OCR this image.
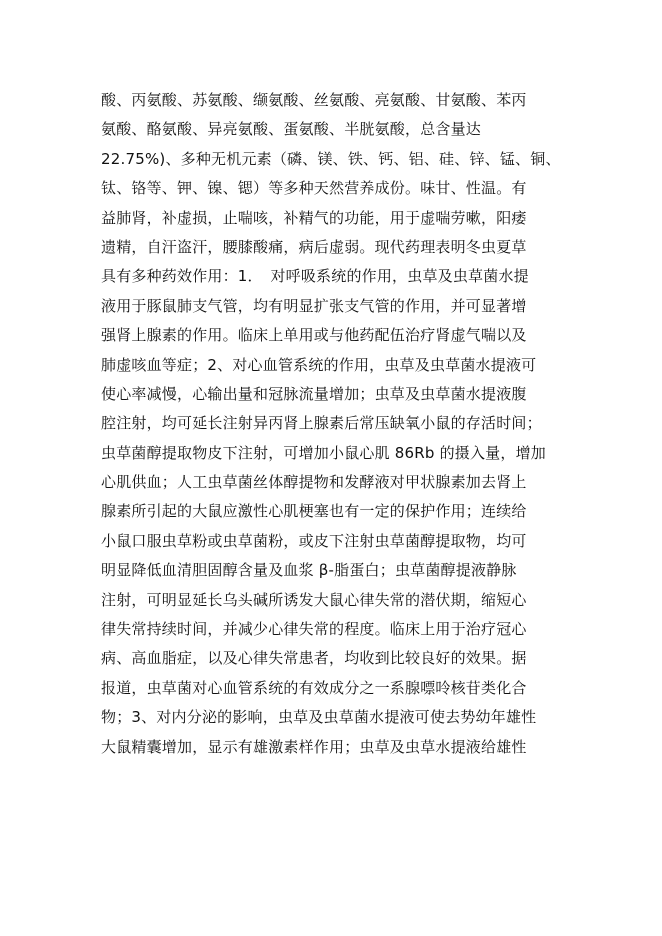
酸、丙氨酸、苏氨酸、缬氨酸、丝氨酸、亮氨酸、甘氨酸、苯丙
氨酸、酪氨酸、异亮氨酸、蛋氨酸、半胱氨酸，总含量达
22.75%)、多种无机元素（磷、镁、铁、钙、铝、硅、锌、锰、铜、
钛、铬等、钾、镍、锶）等多种天然营养成份。味甘、性温。有
益肺肾，补虚损，止喘咳，补精气的功能，用于虚喘劳嗽，阳痿
遗精，自汗盗汗，腰膝酸痛，病后虚弱。现代药理表明冬虫夏草
具有多种药效作用：1．　对呼吸系统的作用，虫草及虫草菌水提
液用于豚鼠肺支气管，均有明显扩张支气管的作用，并可显著增
强肾上腺素的作用。临床上单用或与他药配伍治疗肾虚气喘以及
肺虚咳血等症；2、对心血管系统的作用，虫草及虫草菌水提液可
使心率减慢，心输出量和冠脉流量增加；虫草及虫草菌水提液腹
腔注射，均可延长注射异丙肾上腺素后常压缺氧小鼠的存活时间；
虫草菌醇提取物皮下注射，可增加小鼠心肌 86Rb 的摄入量，增加
心肌供血；人工虫草菌丝体醇提物和发酵液对甲状腺素加去肾上
腺素所引起的大鼠应激性心肌梗塞也有一定的保护作用；连续给
小鼠口服虫草粉或虫草菌粉，或皮下注射虫草菌醇提取物，均可
明显降低血清胆固醇含量及血浆 β-脂蛋白；虫草菌醇提液静脉
注射，可明显延长乌头碱所诱发大鼠心律失常的潜伏期，缩短心
律失常持续时间，并减少心律失常的程度。临床上用于治疗冠心
病、高血脂症，以及心律失常患者，均收到比较良好的效果。据
报道，虫草菌对心血管系统的有效成分之一系腺嘌呤核苷类化合
物；3、对内分泌的影响，虫草及虫草菌水提液可使去势幼年雄性
大鼠精囊增加，显示有雄激素样作用；虫草及虫草水提液给雄性
